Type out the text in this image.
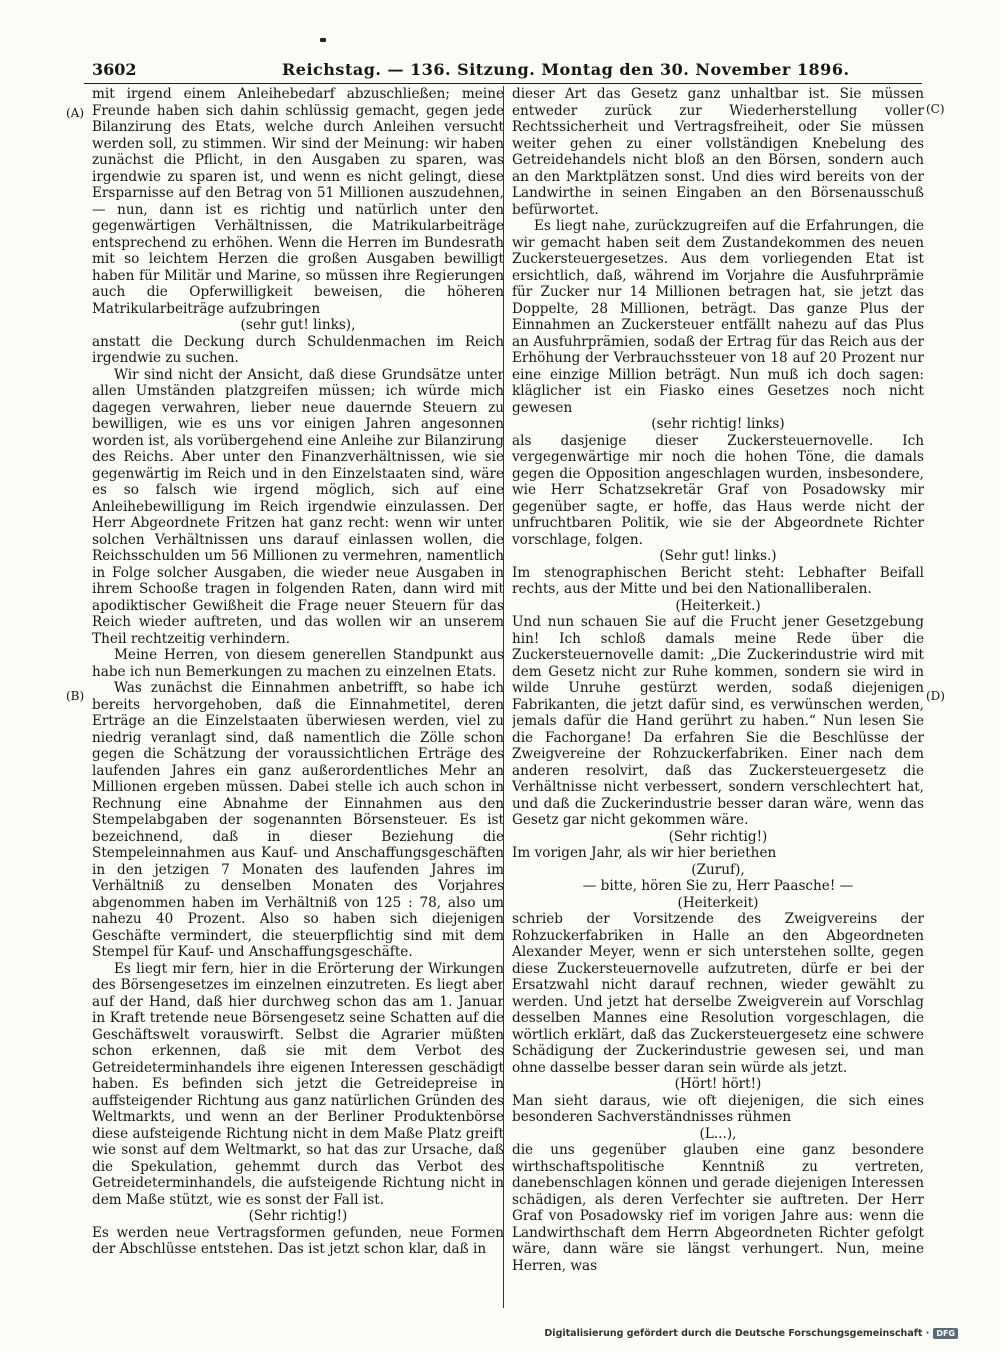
3602	Reichstag. — 136. Sitzung. Montag den 30. November 1896.
(A)
(B)
(C)
(D)

mit irgend einem Anleihebedarf abzuschließen; meine Freunde haben sich dahin schlüssig gemacht, gegen jede Bilanzirung des Etats, welche durch Anleihen versucht werden soll, zu stimmen. Wir sind der Meinung: wir haben zunächst die Pflicht, in den Ausgaben zu sparen, was irgendwie zu sparen ist, und wenn es nicht gelingt, diese Ersparnisse auf den Betrag von 51 Millionen auszudehnen, — nun, dann ist es richtig und natürlich unter den gegenwärtigen Verhältnissen, die Matrikularbeiträge entsprechend zu erhöhen. Wenn die Herren im Bundesrath mit so leichtem Herzen die großen Ausgaben bewilligt haben für Militär und Marine, so müssen ihre Regierungen auch die Opferwilligkeit beweisen, die höheren Matrikularbeiträge aufzubringen

(sehr gut! links),

anstatt die Deckung durch Schuldenmachen im Reich irgendwie zu suchen.

Wir sind nicht der Ansicht, daß diese Grundsätze unter allen Umständen platzgreifen müssen; ich würde mich dagegen verwahren, lieber neue dauernde Steuern zu bewilligen, wie es uns vor einigen Jahren angesonnen worden ist, als vorübergehend eine Anleihe zur Bilanzirung des Reichs. Aber unter den Finanzverhältnissen, wie sie gegenwärtig im Reich und in den Einzelstaaten sind, wäre es so falsch wie irgend möglich, sich auf eine Anleihebewilligung im Reich irgendwie einzulassen. Der Herr Abgeordnete Fritzen hat ganz recht: wenn wir unter solchen Verhältnissen uns darauf einlassen wollen, die Reichsschulden um 56 Millionen zu vermehren, namentlich in Folge solcher Ausgaben, die wieder neue Ausgaben in ihrem Schooße tragen in folgenden Raten, dann wird mit apodiktischer Gewißheit die Frage neuer Steuern für das Reich wieder auftreten, und das wollen wir an unserem Theil rechtzeitig verhindern.

Meine Herren, von diesem generellen Standpunkt aus habe ich nun Bemerkungen zu machen zu einzelnen Etats.

Was zunächst die Einnahmen anbetrifft, so habe ich bereits hervorgehoben, daß die Einnahmetitel, deren Erträge an die Einzelstaaten überwiesen werden, viel zu niedrig veranlagt sind, daß namentlich die Zölle schon gegen die Schätzung der voraussichtlichen Erträge des laufenden Jahres ein ganz außerordentliches Mehr an Millionen ergeben müssen. Dabei stelle ich auch schon in Rechnung eine Abnahme der Einnahmen aus den Stempelabgaben der sogenannten Börsensteuer. Es ist bezeichnend, daß in dieser Beziehung die Stempeleinnahmen aus Kauf- und Anschaffungsgeschäften in den jetzigen 7 Monaten des laufenden Jahres im Verhältniß zu denselben Monaten des Vorjahres abgenommen haben im Verhältniß von 125 : 78, also um nahezu 40 Prozent. Also so haben sich diejenigen Geschäfte vermindert, die steuerpflichtig sind mit dem Stempel für Kauf- und Anschaffungsgeschäfte.

Es liegt mir fern, hier in die Erörterung der Wirkungen des Börsengesetzes im einzelnen einzutreten. Es liegt aber auf der Hand, daß hier durchweg schon das am 1. Januar in Kraft tretende neue Börsengesetz seine Schatten auf die Geschäftswelt vorauswirft. Selbst die Agrarier müßten schon erkennen, daß sie mit dem Verbot des Getreideterminhandels ihre eigenen Interessen geschädigt haben. Es befinden sich jetzt die Getreidepreise in auffsteigender Richtung aus ganz natürlichen Gründen des Weltmarkts, und wenn an der Berliner Produktenbörse diese aufsteigende Richtung nicht in dem Maße Platz greift wie sonst auf dem Weltmarkt, so hat das zur Ursache, daß die Spekulation, gehemmt durch das Verbot des Getreideterminhandels, die aufsteigende Richtung nicht in dem Maße stützt, wie es sonst der Fall ist.

(Sehr richtig!)

Es werden neue Vertragsformen gefunden, neue Formen der Abschlüsse entstehen. Das ist jetzt schon klar, daß in

dieser Art das Gesetz ganz unhaltbar ist. Sie müssen entweder zurück zur Wiederherstellung voller Rechtssicherheit und Vertragsfreiheit, oder Sie müssen weiter gehen zu einer vollständigen Knebelung des Getreidehandels nicht bloß an den Börsen, sondern auch an den Marktplätzen sonst. Und dies wird bereits von der Landwirthe in seinen Eingaben an den Börsenausschuß befürwortet.

Es liegt nahe, zurückzugreifen auf die Erfahrungen, die wir gemacht haben seit dem Zustandekommen des neuen Zuckersteuergesetzes. Aus dem vorliegenden Etat ist ersichtlich, daß, während im Vorjahre die Ausfuhrprämie für Zucker nur 14 Millionen betragen hat, sie jetzt das Doppelte, 28 Millionen, beträgt. Das ganze Plus der Einnahmen an Zuckersteuer entfällt nahezu auf das Plus an Ausfuhrprämien, sodaß der Ertrag für das Reich aus der Erhöhung der Verbrauchssteuer von 18 auf 20 Prozent nur eine einzige Million beträgt. Nun muß ich doch sagen: kläglicher ist ein Fiasko eines Gesetzes noch nicht gewesen

(sehr richtig! links)

als dasjenige dieser Zuckersteuernovelle. Ich vergegenwärtige mir noch die hohen Töne, die damals gegen die Opposition angeschlagen wurden, insbesondere, wie Herr Schatzsekretär Graf von Posadowsky mir gegenüber sagte, er hoffe, das Haus werde nicht der unfruchtbaren Politik, wie sie der Abgeordnete Richter vorschlage, folgen.

(Sehr gut! links.)

Im stenographischen Bericht steht: Lebhafter Beifall rechts, aus der Mitte und bei den Nationalliberalen.

(Heiterkeit.)

Und nun schauen Sie auf die Frucht jener Gesetzgebung hin! Ich schloß damals meine Rede über die Zuckersteuernovelle damit: „Die Zuckerindustrie wird mit dem Gesetz nicht zur Ruhe kommen, sondern sie wird in wilde Unruhe gestürzt werden, sodaß diejenigen Fabrikanten, die jetzt dafür sind, es verwünschen werden, jemals dafür die Hand gerührt zu haben.“ Nun lesen Sie die Fachorgane! Da erfahren Sie die Beschlüsse der Zweigvereine der Rohzuckerfabriken. Einer nach dem anderen resolvirt, daß das Zuckersteuergesetz die Verhältnisse nicht verbessert, sondern verschlechtert hat, und daß die Zuckerindustrie besser daran wäre, wenn das Gesetz gar nicht gekommen wäre.

(Sehr richtig!)

Im vorigen Jahr, als wir hier beriethen

(Zuruf),

— bitte, hören Sie zu, Herr Paasche! —

(Heiterkeit)

schrieb der Vorsitzende des Zweigvereins der Rohzuckerfabriken in Halle an den Abgeordneten Alexander Meyer, wenn er sich unterstehen sollte, gegen diese Zuckersteuernovelle aufzutreten, dürfe er bei der Ersatzwahl nicht darauf rechnen, wieder gewählt zu werden. Und jetzt hat derselbe Zweigverein auf Vorschlag desselben Mannes eine Resolution vorgeschlagen, die wörtlich erklärt, daß das Zuckersteuergesetz eine schwere Schädigung der Zuckerindustrie gewesen sei, und man ohne dasselbe besser daran sein würde als jetzt.

(Hört! hört!)

Man sieht daraus, wie oft diejenigen, die sich eines besonderen Sachverständnisses rühmen

(L...),

die uns gegenüber glauben eine ganz besondere wirthschaftspolitische Kenntniß zu vertreten, danebenschlagen können und gerade diejenigen Interessen schädigen, als deren Verfechter sie auftreten. Der Herr Graf von Posadowsky rief im vorigen Jahre aus: wenn die Landwirthschaft dem Herrn Abgeordneten Richter gefolgt wäre, dann wäre sie längst verhungert. Nun, meine Herren, was

Digitalisierung gefördert durch die Deutsche Forschungsgemeinschaft · DFG
